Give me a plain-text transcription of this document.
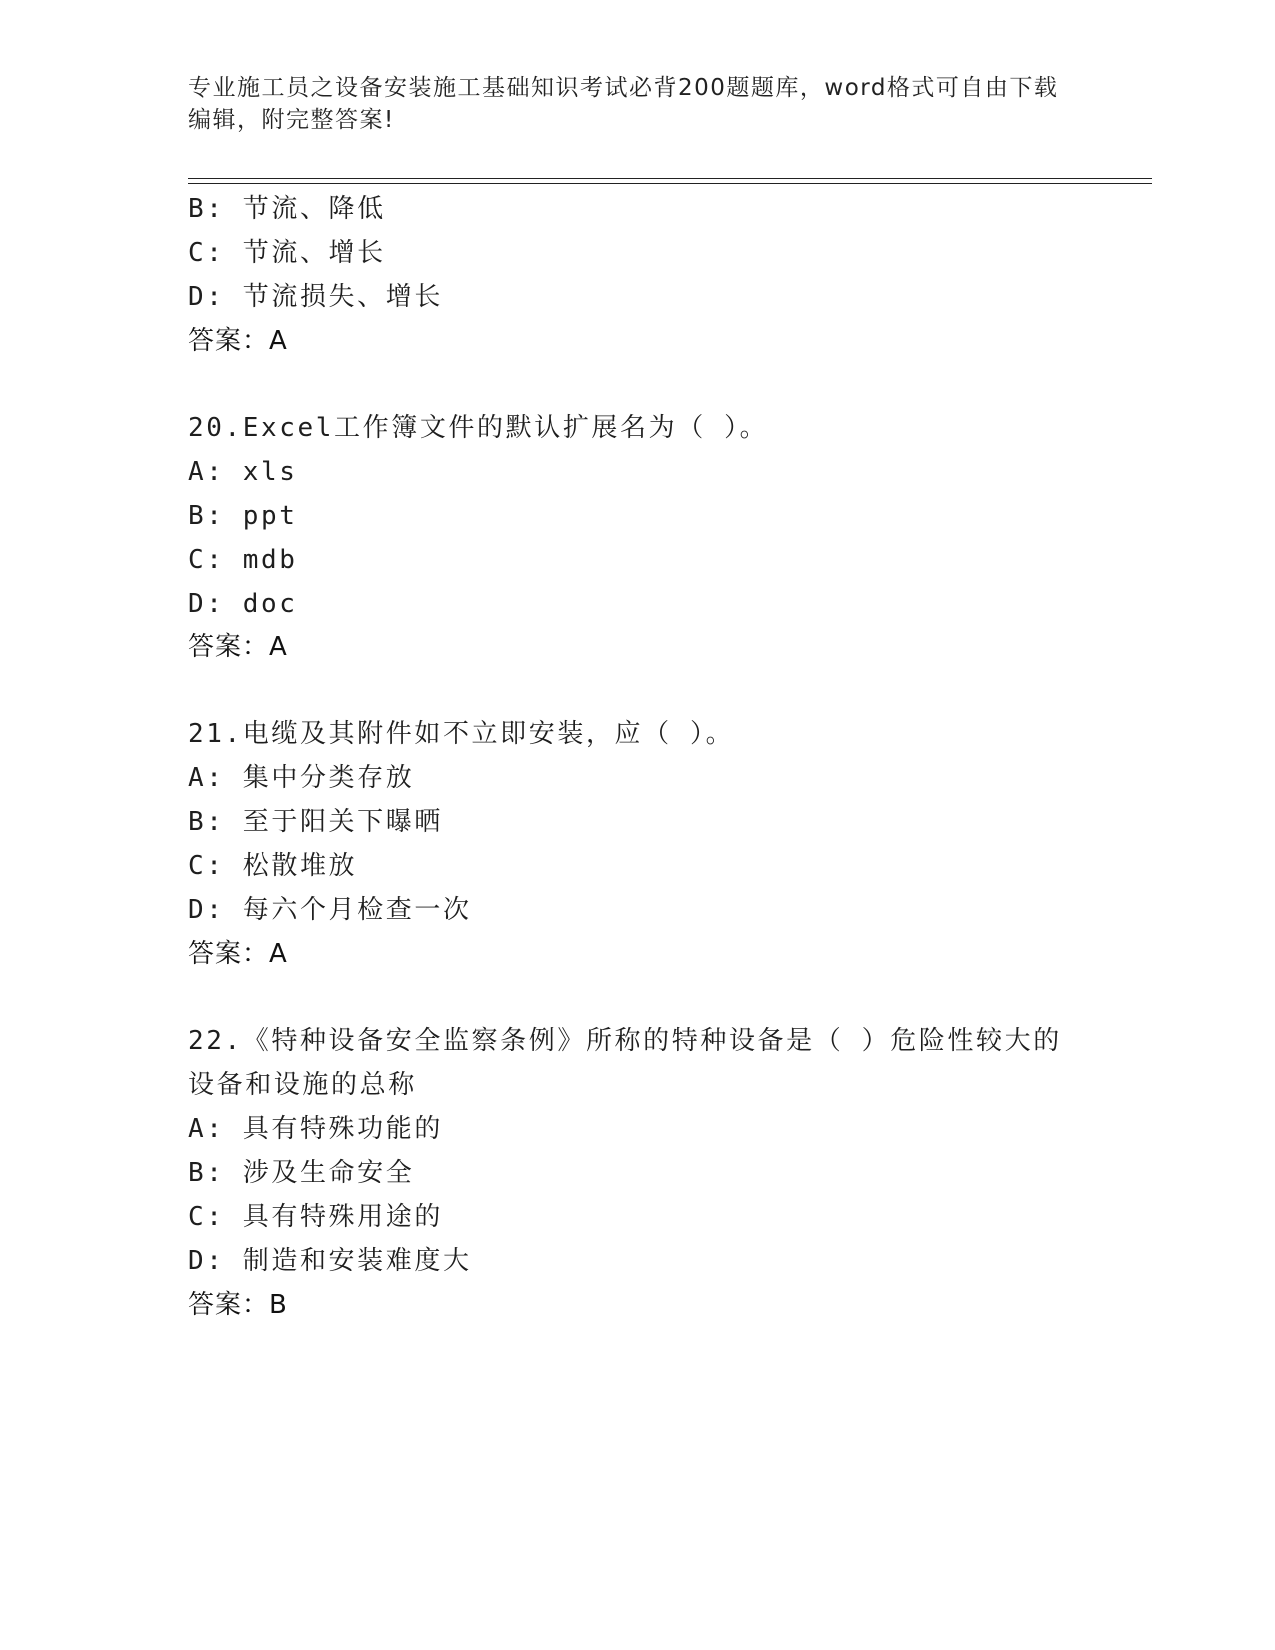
专业施工员之设备安装施工基础知识考试必背200题题库，word格式可自由下载
编辑，附完整答案!
B: 节流、降低
C: 节流、增长
D: 节流损失、增长
答案：A
20.Excel工作簿文件的默认扩展名为（ ）。
A: xls
B: ppt
C: mdb
D: doc
答案：A
21.电缆及其附件如不立即安装，应（ ）。
A: 集中分类存放
B: 至于阳关下曝晒
C: 松散堆放
D: 每六个月检查一次
答案：A
22.《特种设备安全监察条例》所称的特种设备是（ ）危险性较大的
设备和设施的总称
A: 具有特殊功能的
B: 涉及生命安全
C: 具有特殊用途的
D: 制造和安装难度大
答案：B
